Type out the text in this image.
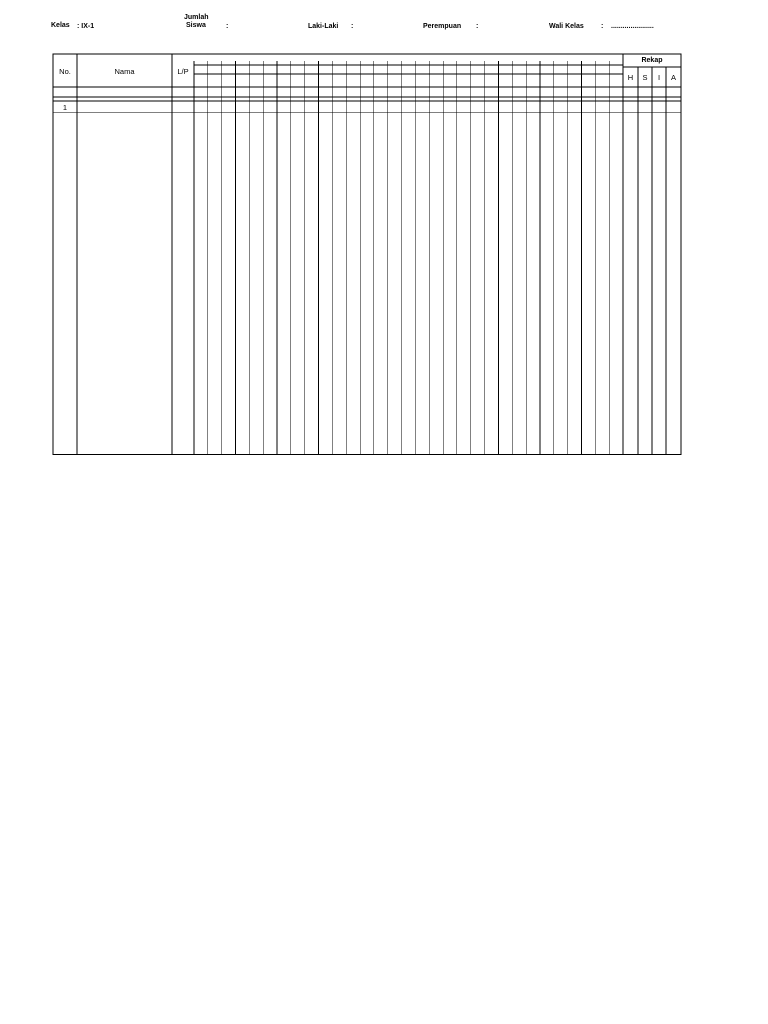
Kelas : IX-1
Jumlah
Siswa	:	Laki-Laki :	Perempuan :	Wali Kelas : ......................
No.	Nama	L/P
Rekap
H	S	I	A
1
